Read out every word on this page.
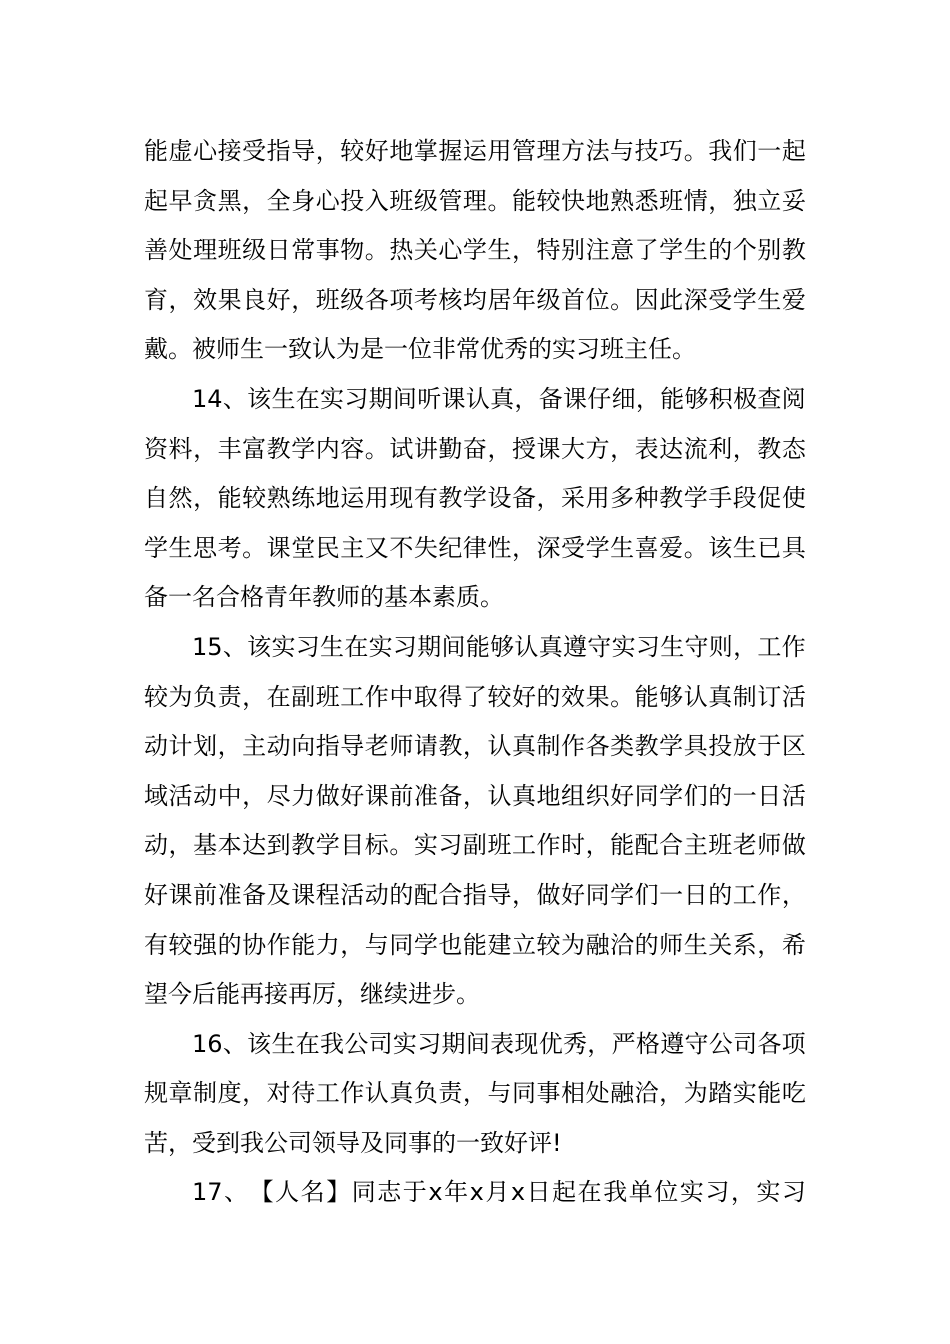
能 虚 心 接 受 指 导 ， 较 好 地 掌 握 运 用 管 理 方 法 与 技 巧 。 我 们 一 起
起 早 贪 黑 ， 全 身 心 投 入 班 级 管 理 。 能 较 快 地 熟 悉 班 情 ， 独 立 妥
善 处 理 班 级 日 常 事 物 。 热 关 心 学 生 ， 特 别 注 意 了 学 生 的 个 别 教
育 ， 效 果 良 好 ， 班 级 各 项 考 核 均 居 年 级 首 位 。 因 此 深 受 学 生 爱
戴。被师生一致认为是一位非常优秀的实习班主任。
14 、 该 生 在 实 习 期 间 听 课 认 真 ， 备 课 仔 细 ， 能 够 积 极 查 阅
资 料 ， 丰 富 教 学 内 容 。 试 讲 勤 奋 ， 授 课 大 方 ， 表 达 流 利 ， 教 态
自 然 ， 能 较 熟 练 地 运 用 现 有 教 学 设 备 ， 采 用 多 种 教 学 手 段 促 使
学 生 思 考 。 课 堂 民 主 又 不 失 纪 律 性 ， 深 受 学 生 喜 爱 。 该 生 已 具
备一名合格青年教师的基本素质。
15 、 该 实 习 生 在 实 习 期 间 能 够 认 真 遵 守 实 习 生 守 则 ， 工 作
较 为 负 责 ， 在 副 班 工 作 中 取 得 了 较 好 的 效 果 。 能 够 认 真 制 订 活
动 计 划 ， 主 动 向 指 导 老 师 请 教 ， 认 真 制 作 各 类 教 学 具 投 放 于 区
域 活 动 中 ， 尽 力 做 好 课 前 准 备 ， 认 真 地 组 织 好 同 学 们 的 一 日 活
动 ， 基 本 达 到 教 学 目 标 。 实 习 副 班 工 作 时 ， 能 配 合 主 班 老 师 做
好 课 前 准 备 及 课 程 活 动 的 配 合 指 导 ， 做 好 同 学 们 一 日 的 工 作 ，
有 较 强 的 协 作 能 力 ， 与 同 学 也 能 建 立 较 为 融 洽 的 师 生 关 系 ， 希
望今后能再接再厉，继续进步。
16 、 该 生 在 我 公 司 实 习 期 间 表 现 优 秀 ， 严 格 遵 守 公 司 各 项
规 章 制 度 ， 对 待 工 作 认 真 负 责 ， 与 同 事 相 处 融 洽 ， 为 踏 实 能 吃
苦，受到我公司领导及同事的一致好评!
17 、 【 人 名 】 同 志 于 x 年 x 月 x 日 起 在 我 单 位 实 习 ， 实 习
